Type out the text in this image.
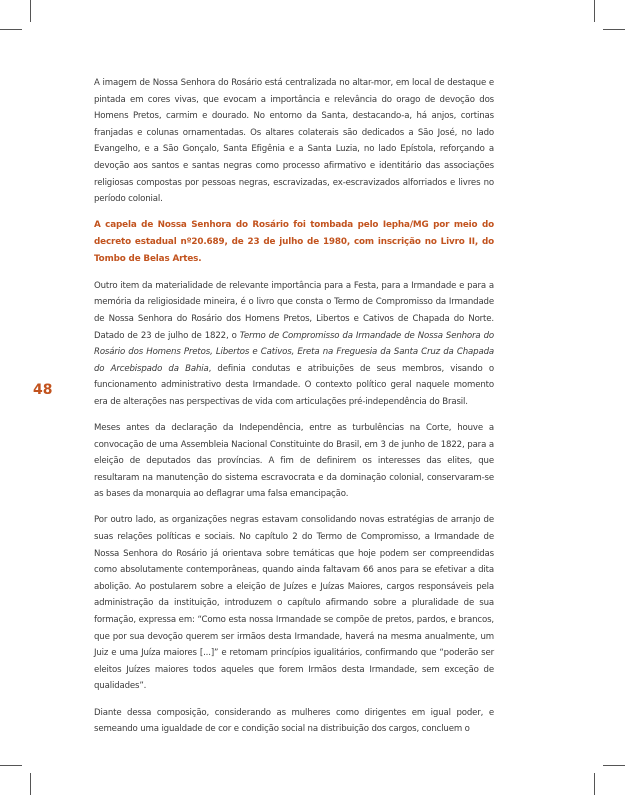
48

A imagem de Nossa Senhora do Rosário está centralizada no altar-mor, em local de destaque e pintada em cores vivas, que evocam a importância e relevância do orago de devoção dos Homens Pretos, carmim e dourado. No entorno da Santa, destacando-a, há anjos, cortinas franjadas e colunas ornamentadas. Os altares colaterais são dedicados a São José, no lado Evangelho, e a São Gonçalo, Santa Efigênia e a Santa Luzia, no lado Epístola, reforçando a devoção aos santos e santas negras como processo afirmativo e identitário das associações religiosas compostas por pessoas negras, escravizadas, ex-escravizados alforriados e livres no período colonial.

A capela de Nossa Senhora do Rosário foi tombada pelo Iepha/MG por meio do decreto estadual nº20.689, de 23 de julho de 1980, com inscrição no Livro II, do Tombo de Belas Artes.

Outro item da materialidade de relevante importância para a Festa, para a Irmandade e para a memória da religiosidade mineira, é o livro que consta o Termo de Compromisso da Irmandade de Nossa Senhora do Rosário dos Homens Pretos, Libertos e Cativos de Chapada do Norte. Datado de 23 de julho de 1822, o Termo de Compromisso da Irmandade de Nossa Senhora do Rosário dos Homens Pretos, Libertos e Cativos, Ereta na Freguesia da Santa Cruz da Chapada do Arcebispado da Bahia, definia condutas e atribuições de seus membros, visando o funcionamento administrativo desta Irmandade. O contexto político geral naquele momento era de alterações nas perspectivas de vida com articulações pré-independência do Brasil.

Meses antes da declaração da Independência, entre as turbulências na Corte, houve a convocação de uma Assembleia Nacional Constituinte do Brasil, em 3 de junho de 1822, para a eleição de deputados das províncias. A fim de definirem os interesses das elites, que resultaram na manutenção do sistema escravocrata e da dominação colonial, conservaram-se as bases da monarquia ao deflagrar uma falsa emancipação.

Por outro lado, as organizações negras estavam consolidando novas estratégias de arranjo de suas relações políticas e sociais. No capítulo 2 do Termo de Compromisso, a Irmandade de Nossa Senhora do Rosário já orientava sobre temáticas que hoje podem ser compreendidas como absolutamente contemporâneas, quando ainda faltavam 66 anos para se efetivar a dita abolição. Ao postularem sobre a eleição de Juízes e Juízas Maiores, cargos responsáveis pela administração da instituição, introduzem o capítulo afirmando sobre a pluralidade de sua formação, expressa em: “Como esta nossa Irmandade se compõe de pretos, pardos, e brancos, que por sua devoção querem ser irmãos desta Irmandade, haverá na mesma anualmente, um Juiz e uma Juíza maiores [...]” e retomam princípios igualitários, confirmando que “poderão ser eleitos Juízes maiores todos aqueles que forem Irmãos desta Irmandade, sem exceção de qualidades”.

Diante dessa composição, considerando as mulheres como dirigentes em igual poder, e semeando uma igualdade de cor e condição social na distribuição dos cargos, concluem o
